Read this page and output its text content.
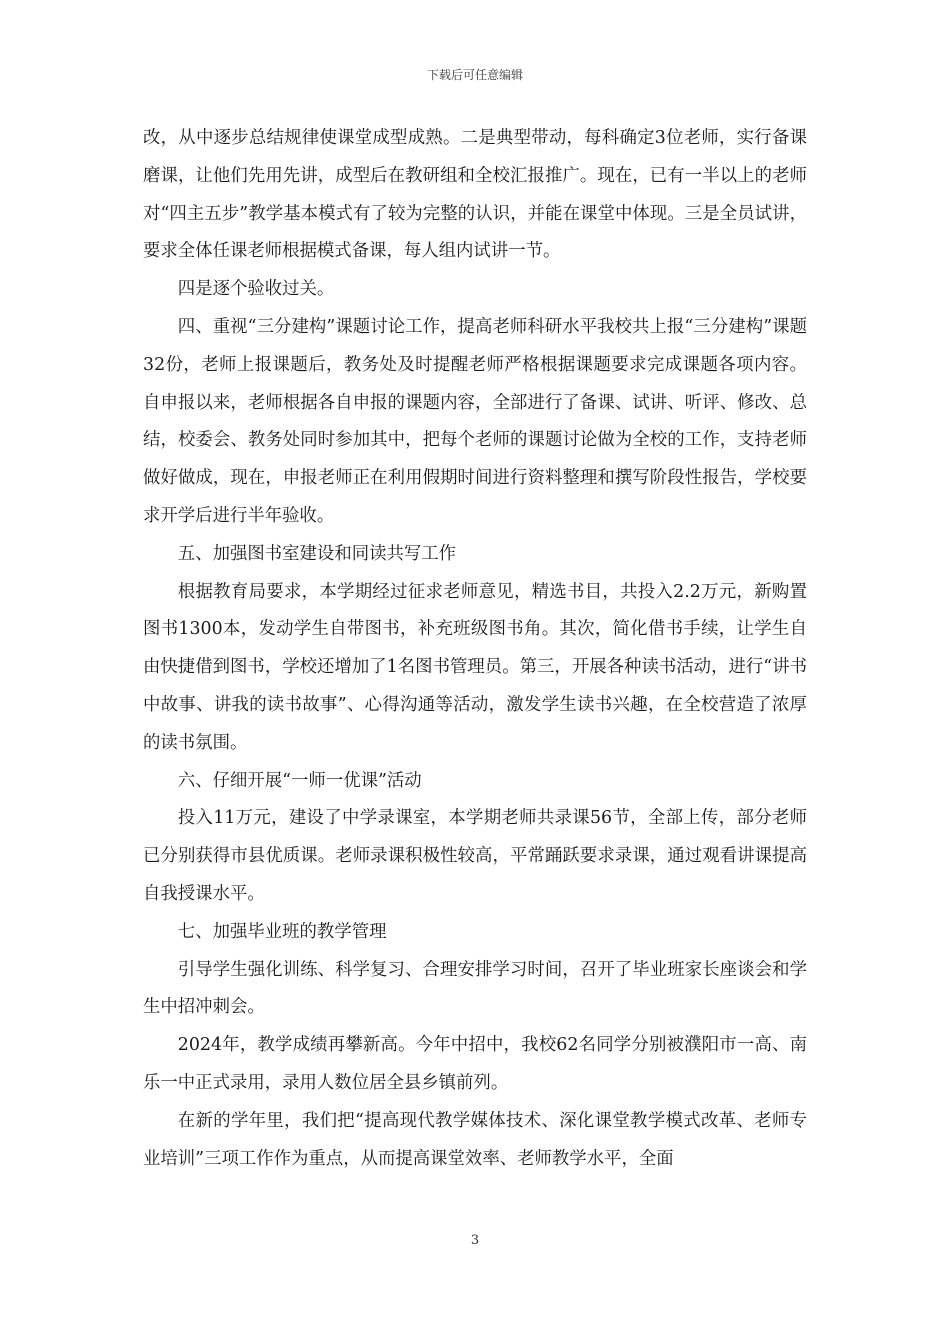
下载后可任意编辑

改，从中逐步总结规律使课堂成型成熟。二是典型带动，每科确定3位老师，实行备课磨课，让他们先用先讲，成型后在教研组和全校汇报推广。现在，已有一半以上的老师对“四主五步”教学基本模式有了较为完整的认识，并能在课堂中体现。三是全员试讲，要求全体任课老师根据模式备课，每人组内试讲一节。

四是逐个验收过关。

四、重视“三分建构”课题讨论工作，提高老师科研水平我校共上报“三分建构”课题32份，老师上报课题后，教务处及时提醒老师严格根据课题要求完成课题各项内容。自申报以来，老师根据各自申报的课题内容，全部进行了备课、试讲、听评、修改、总结，校委会、教务处同时参加其中，把每个老师的课题讨论做为全校的工作，支持老师做好做成，现在，申报老师正在利用假期时间进行资料整理和撰写阶段性报告，学校要求开学后进行半年验收。

五、加强图书室建设和同读共写工作

根据教育局要求，本学期经过征求老师意见，精选书目，共投入2.2万元，新购置图书1300本，发动学生自带图书，补充班级图书角。其次，简化借书手续，让学生自由快捷借到图书，学校还增加了1名图书管理员。第三，开展各种读书活动，进行“讲书中故事、讲我的读书故事”、心得沟通等活动，激发学生读书兴趣，在全校营造了浓厚的读书氛围。

六、仔细开展“一师一优课”活动

投入11万元，建设了中学录课室，本学期老师共录课56节，全部上传，部分老师已分别获得市县优质课。老师录课积极性较高，平常踊跃要求录课，通过观看讲课提高自我授课水平。

七、加强毕业班的教学管理

引导学生强化训练、科学复习、合理安排学习时间，召开了毕业班家长座谈会和学生中招冲刺会。

2024年，教学成绩再攀新高。今年中招中，我校62名同学分别被濮阳市一高、南乐一中正式录用，录用人数位居全县乡镇前列。

在新的学年里，我们把“提高现代教学媒体技术、深化课堂教学模式改革、老师专业培训”三项工作作为重点，从而提高课堂效率、老师教学水平，全面

3
